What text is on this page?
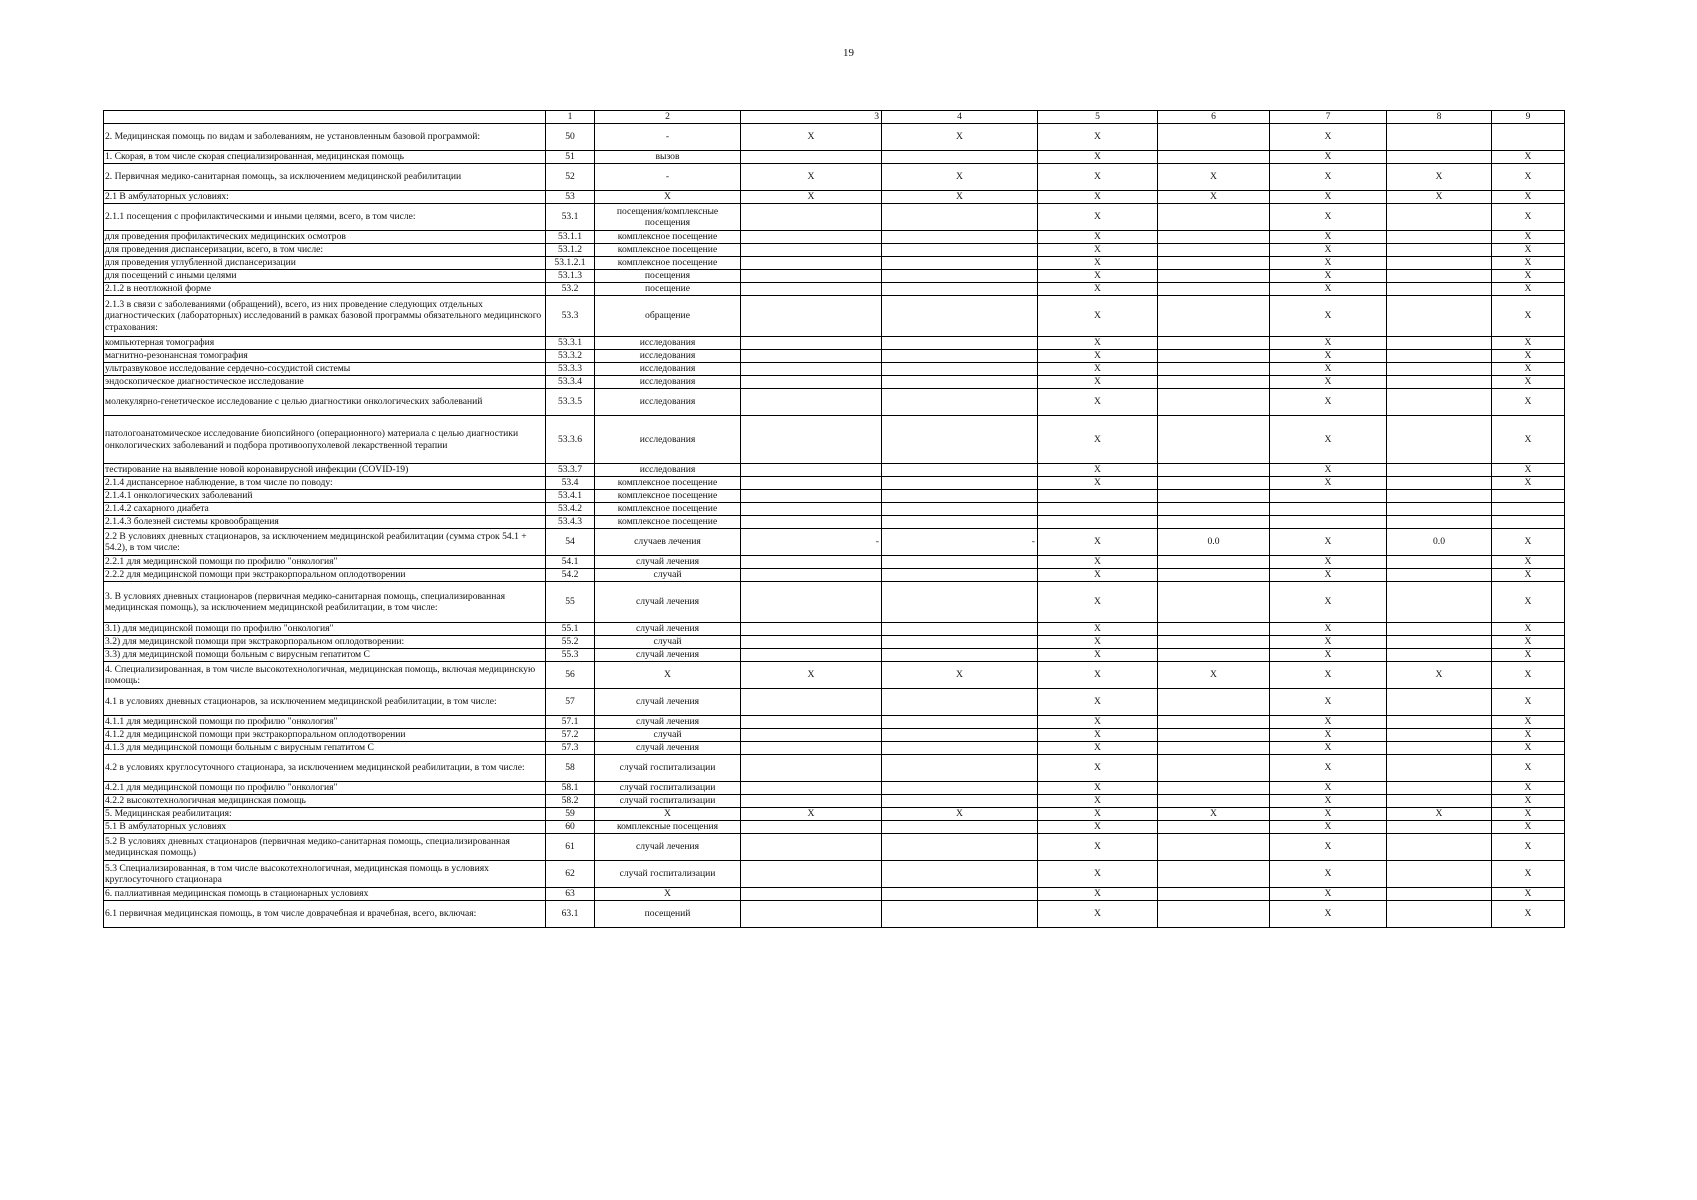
19
	1	2	3	4	5	6	7	8	9
2. Медицинская помощь по видам и заболеваниям, не установленным базовой программой:	50	-	X	X	X		X		
1. Скорая, в том числе скорая специализированная, медицинская помощь	51	вызов			X		X		X
2. Первичная медико-санитарная помощь, за исключением медицинской реабилитации	52	-	X	X	X	X	X	X	X
2.1 В амбулаторных условиях:	53	X	X	X	X	X	X	X	X
2.1.1 посещения с профилактическими и иными целями, всего, в том числе:	53.1	посещения/комплексные посещения			X		X		X
для проведения профилактических медицинских осмотров	53.1.1	комплексное посещение			X		X		X
для проведения диспансеризации, всего, в том числе:	53.1.2	комплексное посещение			X		X		X
для проведения углубленной диспансеризации	53.1.2.1	комплексное посещение			X		X		X
для посещений с иными целями	53.1.3	посещения			X		X		X
2.1.2 в неотложной форме	53.2	посещение			X		X		X
2.1.3 в связи с заболеваниями (обращений), всего, из них проведение следующих отдельных диагностических (лабораторных) исследований в рамках базовой программы обязательного медицинского страхования:	53.3	обращение			X		X		X
компьютерная томография	53.3.1	исследования			X		X		X
магнитно-резонансная томография	53.3.2	исследования			X		X		X
ультразвуковое исследование сердечно-сосудистой системы	53.3.3	исследования			X		X		X
эндоскопическое диагностическое исследование	53.3.4	исследования			X		X		X
молекулярно-генетическое исследование с целью диагностики онкологических заболеваний	53.3.5	исследования			X		X		X
патологоанатомическое исследование биопсийного (операционного) материала с целью диагностики онкологических заболеваний и подбора противоопухолевой лекарственной терапии	53.3.6	исследования			X		X		X
тестирование на выявление новой коронавирусной инфекции (COVID-19)	53.3.7	исследования			X		X		X
2.1.4 диспансерное наблюдение, в том числе по поводу:	53.4	комплексное посещение			X		X		X
2.1.4.1 онкологических заболеваний	53.4.1	комплексное посещение							
2.1.4.2 сахарного диабета	53.4.2	комплексное посещение							
2.1.4.3 болезней системы кровообращения	53.4.3	комплексное посещение							
2.2 В условиях дневных стационаров, за исключением медицинской реабилитации (сумма строк 54.1 + 54.2), в том числе:	54	случаев лечения	-	-	X	0.0	X	0.0	X
2.2.1 для медицинской помощи по профилю "онкология"	54.1	случай лечения			X		X		X
2.2.2 для медицинской помощи при экстракорпоральном оплодотворении	54.2	случай			X		X		X
3. В условиях дневных стационаров (первичная медико-санитарная помощь, специализированная медицинская помощь), за исключением медицинской реабилитации, в том числе:	55	случай лечения			X		X		X
3.1) для медицинской помощи по профилю "онкология"	55.1	случай лечения			X		X		X
3.2) для медицинской помощи при экстракорпоральном оплодотворении:	55.2	случай			X		X		X
3.3) для медицинской помощи больным с вирусным гепатитом С	55.3	случай лечения			X		X		X
4. Специализированная, в том числе высокотехнологичная, медицинская помощь, включая медицинскую помощь:	56	X	X	X	X	X	X	X	X
4.1 в условиях дневных стационаров, за исключением медицинской реабилитации, в том числе:	57	случай лечения			X		X		X
4.1.1 для медицинской помощи по профилю "онкология"	57.1	случай лечения			X		X		X
4.1.2 для медицинской помощи при экстракорпоральном оплодотворении	57.2	случай			X		X		X
4.1.3 для медицинской помощи больным с вирусным гепатитом С	57.3	случай лечения			X		X		X
4.2 в условиях круглосуточного стационара, за исключением медицинской реабилитации, в том числе:	58	случай госпитализации			X		X		X
4.2.1 для медицинской помощи по профилю "онкология"	58.1	случай госпитализации			X		X		X
4.2.2 высокотехнологичная медицинская помощь	58.2	случай госпитализации			X		X		X
5. Медицинская реабилитация:	59	X	X	X	X	X	X	X	X
5.1 В амбулаторных условиях	60	комплексные посещения			X		X		X
5.2 В условиях дневных стационаров (первичная медико-санитарная помощь, специализированная медицинская помощь)	61	случай лечения			X		X		X
5.3 Специализированная, в том числе высокотехнологичная, медицинская помощь в условиях круглосуточного стационара	62	случай госпитализации			X		X		X
6. паллиативная медицинская помощь в стационарных условиях	63	X			X		X		X
6.1 первичная медицинская помощь, в том числе доврачебная и врачебная, всего, включая:	63.1	посещений			X		X		X
